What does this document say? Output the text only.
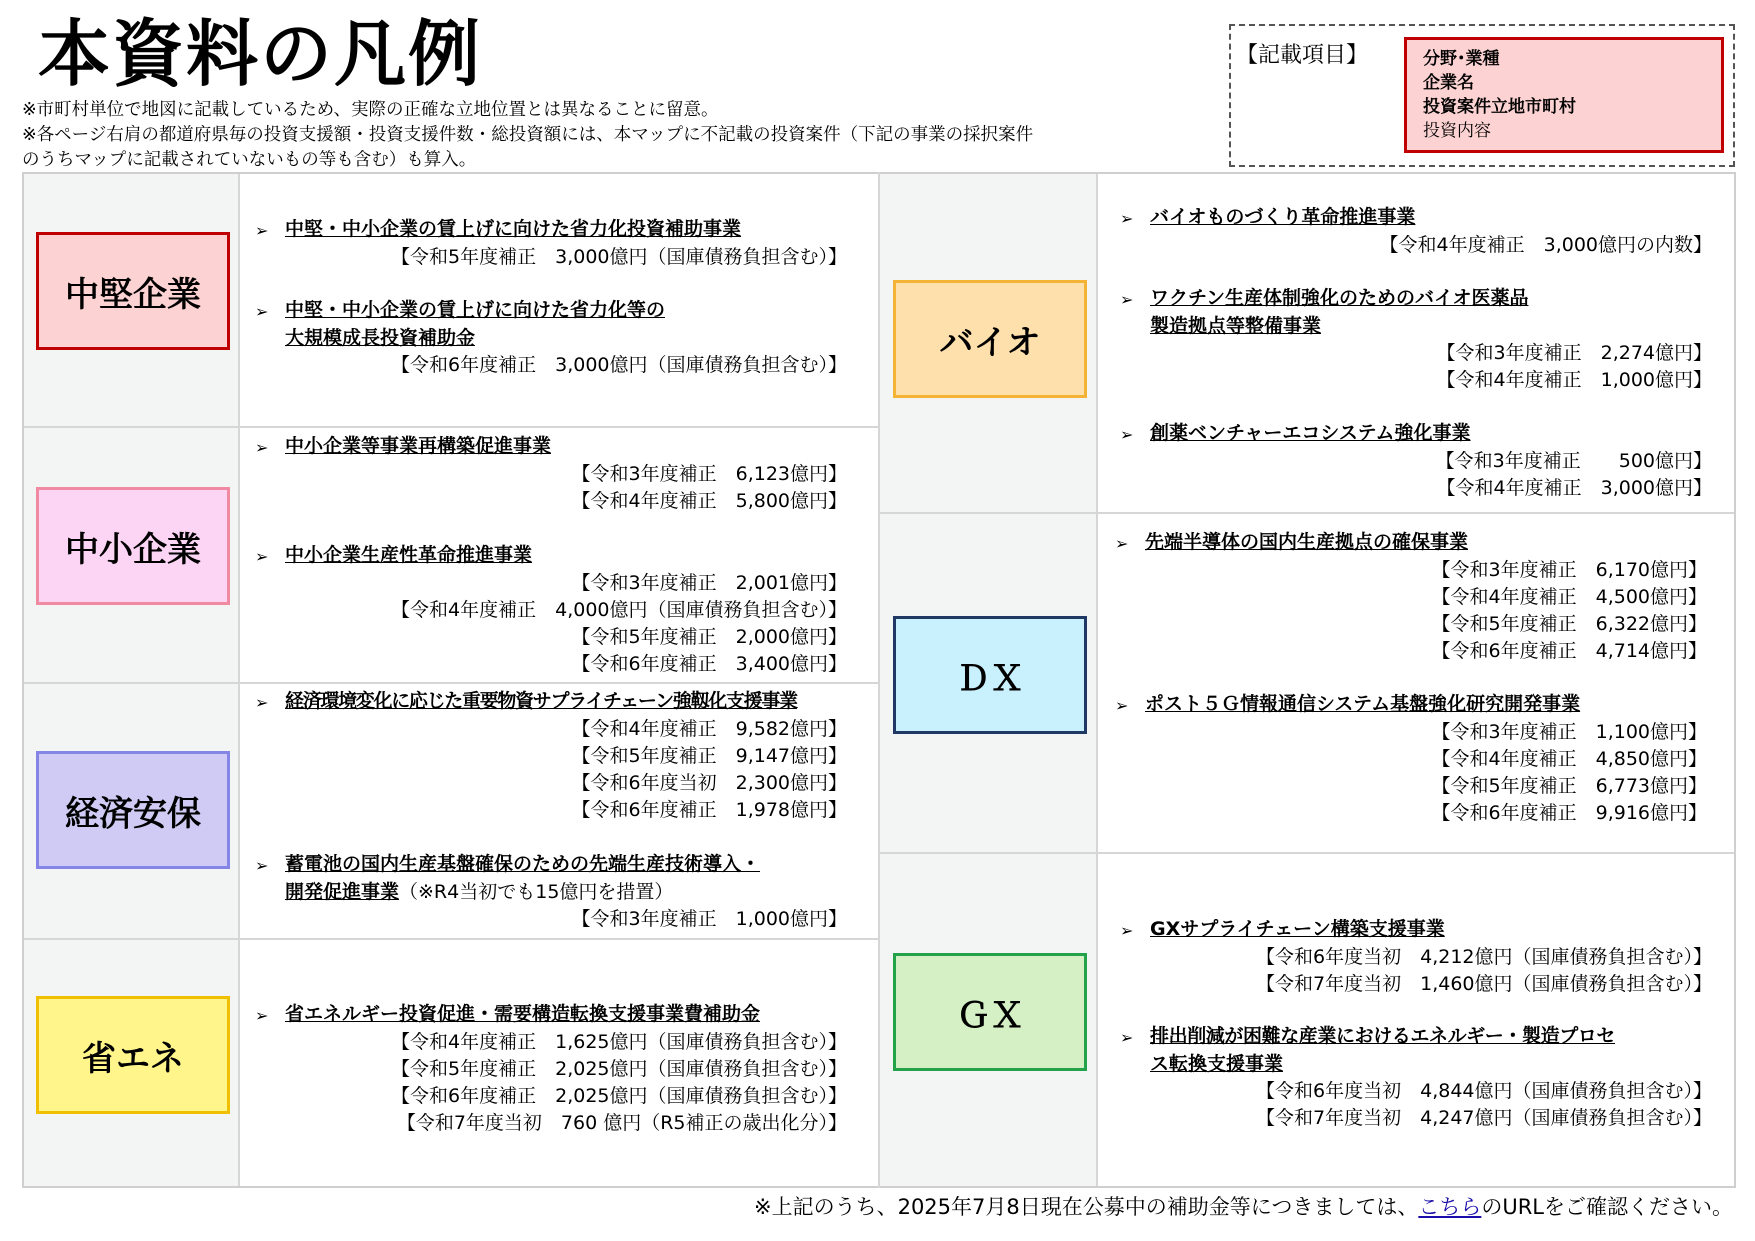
本資料の凡例
※市町村単位で地図に記載しているため、実際の正確な立地位置とは異なることに留意。
※各ページ右肩の都道府県毎の投資支援額・投資支援件数・総投資額には、本マップに不記載の投資案件（下記の事業の採択案件
のうちマップに記載されていないもの等も含む）も算入。
【記載項目】	分野･業種
企業名
投資案件立地市町村
投資内容
中堅企業
中小企業
経済安保
省エネ
バイオ
ＤＸ
ＧＸ
➢ 中堅・中小企業の賃上げに向けた省力化投資補助事業
【令和5年度補正　3,000億円（国庫債務負担含む）】
➢ 中堅・中小企業の賃上げに向けた省力化等の
大規模成長投資補助金
【令和6年度補正　3,000億円（国庫債務負担含む）】
➢ 中小企業等事業再構築促進事業
【令和3年度補正　6,123億円】
【令和4年度補正　5,800億円】
➢ 中小企業生産性革命推進事業
【令和3年度補正　2,001億円】
【令和4年度補正　4,000億円（国庫債務負担含む）】
【令和5年度補正　2,000億円】
【令和6年度補正　3,400億円】
➢ 経済環境変化に応じた重要物資サプライチェーン強靱化支援事業
【令和4年度補正　9,582億円】
【令和5年度補正　9,147億円】
【令和6年度当初　2,300億円】
【令和6年度補正　1,978億円】
➢ 蓄電池の国内生産基盤確保のための先端生産技術導入・
開発促進事業（※R4当初でも15億円を措置）
【令和3年度補正　1,000億円】
➢ 省エネルギー投資促進・需要構造転換支援事業費補助金
【令和4年度補正　1,625億円（国庫債務負担含む）】
【令和5年度補正　2,025億円（国庫債務負担含む）】
【令和6年度補正　2,025億円（国庫債務負担含む）】
【令和7年度当初　760 億円（R5補正の歳出化分）】
➢ バイオものづくり革命推進事業
【令和4年度補正　3,000億円の内数】
➢ ワクチン生産体制強化のためのバイオ医薬品
製造拠点等整備事業
【令和3年度補正　2,274億円】
【令和4年度補正　1,000億円】
➢ 創薬ベンチャーエコシステム強化事業
【令和3年度補正　　500億円】
【令和4年度補正　3,000億円】
➢ 先端半導体の国内生産拠点の確保事業
【令和3年度補正　6,170億円】
【令和4年度補正　4,500億円】
【令和5年度補正　6,322億円】
【令和6年度補正　4,714億円】
➢ ポスト５Ｇ情報通信システム基盤強化研究開発事業
【令和3年度補正　1,100億円】
【令和4年度補正　4,850億円】
【令和5年度補正　6,773億円】
【令和6年度補正　9,916億円】
➢ GXサプライチェーン構築支援事業
【令和6年度当初　4,212億円（国庫債務負担含む）】
【令和7年度当初　1,460億円（国庫債務負担含む）】
➢ 排出削減が困難な産業におけるエネルギー・製造プロセ
ス転換支援事業
【令和6年度当初　4,844億円（国庫債務負担含む）】
【令和7年度当初　4,247億円（国庫債務負担含む）】
※上記のうち、2025年7月8日現在公募中の補助金等につきましては、こちらのURLをご確認ください。
